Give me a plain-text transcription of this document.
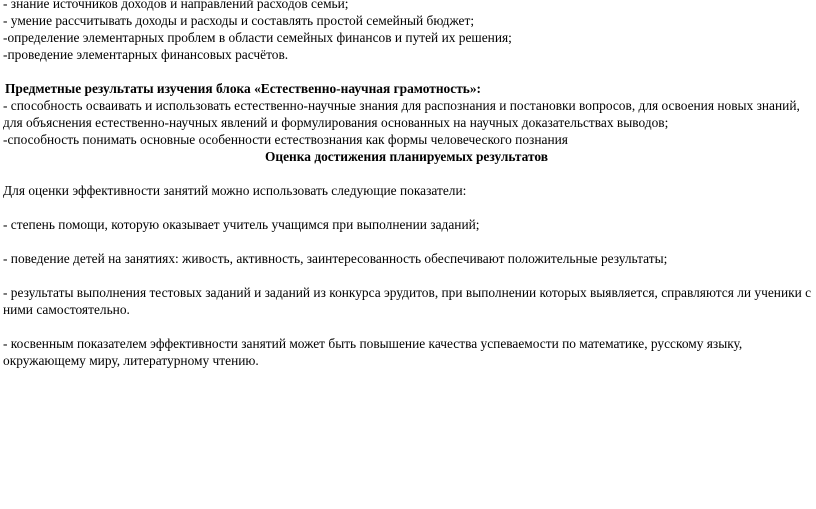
- знание источников доходов и направлений расходов семьи;
- умение рассчитывать доходы и расходы и составлять простой семейный бюджет;
-определение элементарных проблем в области семейных финансов и путей их решения;
-проведение элементарных финансовых расчётов.
Предметные результаты изучения блока «Естественно-научная грамотность»:
- способность осваивать и использовать естественно-научные знания для распознания и постановки вопросов, для освоения новых знаний, для объяснения естественно-научных явлений и формулирования основанных на научных доказательствах выводов;
-способность понимать основные особенности естествознания как формы человеческого познания
Оценка достижения планируемых результатов
Для оценки эффективности занятий можно использовать следующие показатели:
- степень помощи, которую оказывает учитель учащимся при выполнении заданий;
- поведение детей на занятиях: живость, активность, заинтересованность обеспечивают положительные результаты;
- результаты выполнения тестовых заданий и заданий из конкурса эрудитов, при выполнении которых выявляется, справляются ли ученики с ними самостоятельно.
- косвенным показателем эффективности занятий может быть повышение качества успеваемости по математике, русскому языку, окружающему миру, литературному чтению.
